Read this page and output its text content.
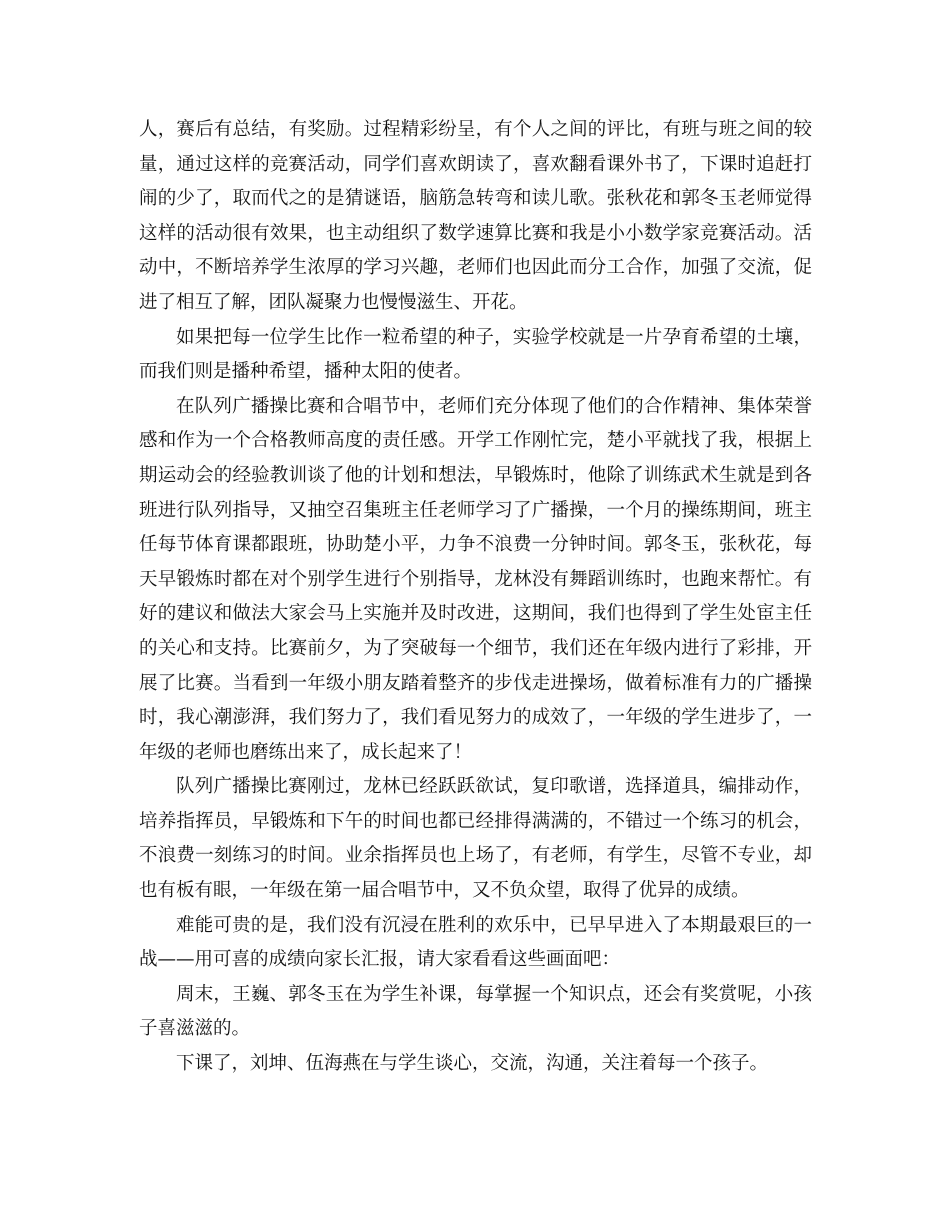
人，赛后有总结，有奖励。过程精彩纷呈，有个人之间的评比，有班与班之间的较量，通过这样的竞赛活动，同学们喜欢朗读了，喜欢翻看课外书了，下课时追赶打闹的少了，取而代之的是猜谜语，脑筋急转弯和读儿歌。张秋花和郭冬玉老师觉得这样的活动很有效果，也主动组织了数学速算比赛和我是小小数学家竞赛活动。活动中，不断培养学生浓厚的学习兴趣，老师们也因此而分工合作，加强了交流，促进了相互了解，团队凝聚力也慢慢滋生、开花。

如果把每一位学生比作一粒希望的种子，实验学校就是一片孕育希望的土壤，而我们则是播种希望，播种太阳的使者。

在队列广播操比赛和合唱节中，老师们充分体现了他们的合作精神、集体荣誉感和作为一个合格教师高度的责任感。开学工作刚忙完，楚小平就找了我，根据上期运动会的经验教训谈了他的计划和想法，早锻炼时，他除了训练武术生就是到各班进行队列指导，又抽空召集班主任老师学习了广播操，一个月的操练期间，班主任每节体育课都跟班，协助楚小平，力争不浪费一分钟时间。郭冬玉，张秋花，每天早锻炼时都在对个别学生进行个别指导，龙林没有舞蹈训练时，也跑来帮忙。有好的建议和做法大家会马上实施并及时改进，这期间，我们也得到了学生处宦主任的关心和支持。比赛前夕，为了突破每一个细节，我们还在年级内进行了彩排，开展了比赛。当看到一年级小朋友踏着整齐的步伐走进操场，做着标准有力的广播操时，我心潮澎湃，我们努力了，我们看见努力的成效了，一年级的学生进步了，一年级的老师也磨练出来了，成长起来了！

队列广播操比赛刚过，龙林已经跃跃欲试，复印歌谱，选择道具，编排动作，培养指挥员，早锻炼和下午的时间也都已经排得满满的，不错过一个练习的机会，不浪费一刻练习的时间。业余指挥员也上场了，有老师，有学生，尽管不专业，却也有板有眼，一年级在第一届合唱节中，又不负众望，取得了优异的成绩。

难能可贵的是，我们没有沉浸在胜利的欢乐中，已早早进入了本期最艰巨的一战——用可喜的成绩向家长汇报，请大家看看这些画面吧：

周末，王巍、郭冬玉在为学生补课，每掌握一个知识点，还会有奖赏呢，小孩子喜滋滋的。

下课了，刘坤、伍海燕在与学生谈心，交流，沟通，关注着每一个孩子。
